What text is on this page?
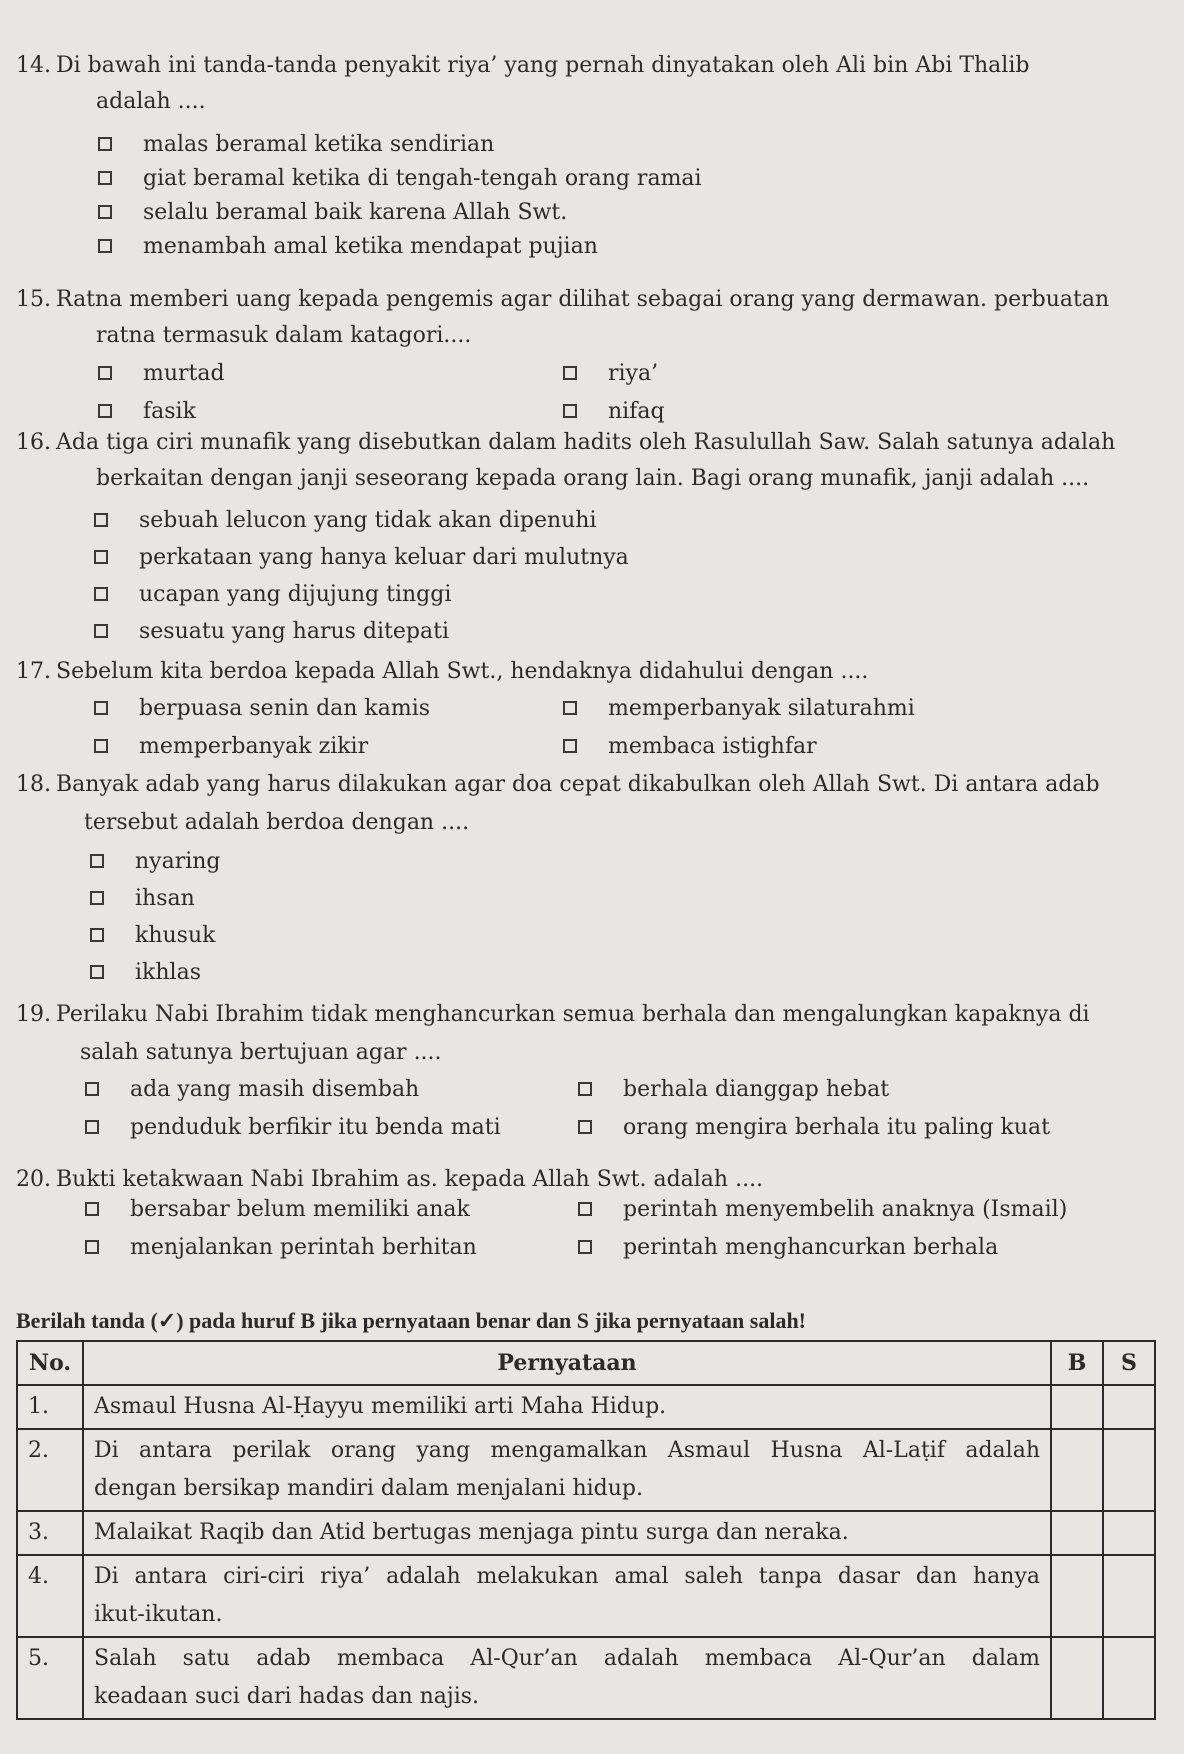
14. Di bawah ini tanda-tanda penyakit riya’ yang pernah dinyatakan oleh Ali bin Abi Thalib
adalah ....
malas beramal ketika sendirian
giat beramal ketika di tengah-tengah orang ramai
selalu beramal baik karena Allah Swt.
menambah amal ketika mendapat pujian
15. Ratna memberi uang kepada pengemis agar dilihat sebagai orang yang dermawan. perbuatan
ratna termasuk dalam katagori....
murtad	riya’
fasik	nifaq
16. Ada tiga ciri munafik yang disebutkan dalam hadits oleh Rasulullah Saw. Salah satunya adalah
berkaitan dengan janji seseorang kepada orang lain. Bagi orang munafik, janji adalah ....
sebuah lelucon yang tidak akan dipenuhi
perkataan yang hanya keluar dari mulutnya
ucapan yang dijujung tinggi
sesuatu yang harus ditepati
17. Sebelum kita berdoa kepada Allah Swt., hendaknya didahului dengan ....
berpuasa senin dan kamis	memperbanyak silaturahmi
memperbanyak zikir	membaca istighfar
18. Banyak adab yang harus dilakukan agar doa cepat dikabulkan oleh Allah Swt. Di antara adab
tersebut adalah berdoa dengan ....
nyaring
ihsan
khusuk
ikhlas
19. Perilaku Nabi Ibrahim tidak menghancurkan semua berhala dan mengalungkan kapaknya di
salah satunya bertujuan agar ....
ada yang masih disembah	berhala dianggap hebat
penduduk berfikir itu benda mati	orang mengira berhala itu paling kuat
20. Bukti ketakwaan Nabi Ibrahim as. kepada Allah Swt. adalah ....
bersabar belum memiliki anak	perintah menyembelih anaknya (Ismail)
menjalankan perintah berhitan	perintah menghancurkan berhala
Berilah tanda (✓) pada huruf B jika pernyataan benar dan S jika pernyataan salah!
No.	Pernyataan	B	S
1.	Asmaul Husna Al-Ḥayyu memiliki arti Maha Hidup.		

2.	Di antara perilak orang yang mengamalkan Asmaul Husna Al-Laṭif adalah
dengan bersikap mandiri dalam menjalani hidup.		

3.	Malaikat Raqib dan Atid bertugas menjaga pintu surga dan neraka.		

4.	Di antara ciri-ciri riya’ adalah melakukan amal saleh tanpa dasar dan hanya
ikut-ikutan.		

5.	Salah satu adab membaca Al-Qur’an adalah membaca Al-Qur’an dalam
keadaan suci dari hadas dan najis.		
